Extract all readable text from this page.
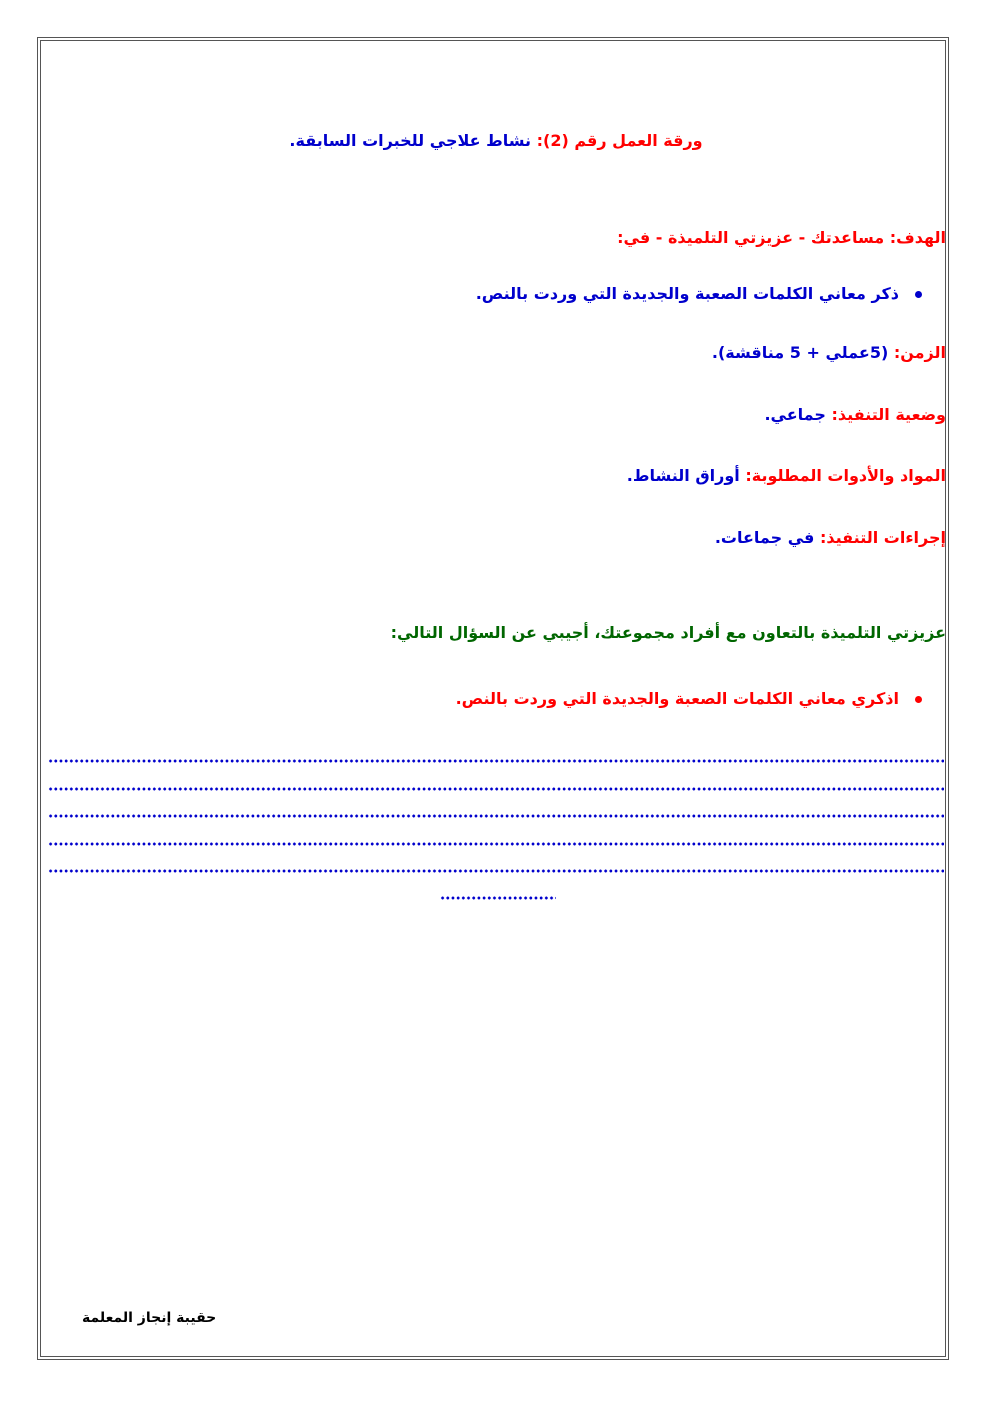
ورقة العمل رقم (2): نشاط علاجي للخبرات السابقة.
الهدف: مساعدتك - عزيزتي التلميذة - في:
ذكر معاني الكلمات الصعبة والجديدة التي وردت بالنص.
الزمن: (5عملي + 5 مناقشة).
وضعية التنفيذ: جماعي.
المواد والأدوات المطلوبة: أوراق النشاط.
إجراءات التنفيذ: في جماعات.
عزيزتي التلميذة بالتعاون مع أفراد مجموعتك، أجيبي عن السؤال التالي:
اذكري معاني الكلمات الصعبة والجديدة التي وردت بالنص.
حقيبة إنجاز المعلمة
